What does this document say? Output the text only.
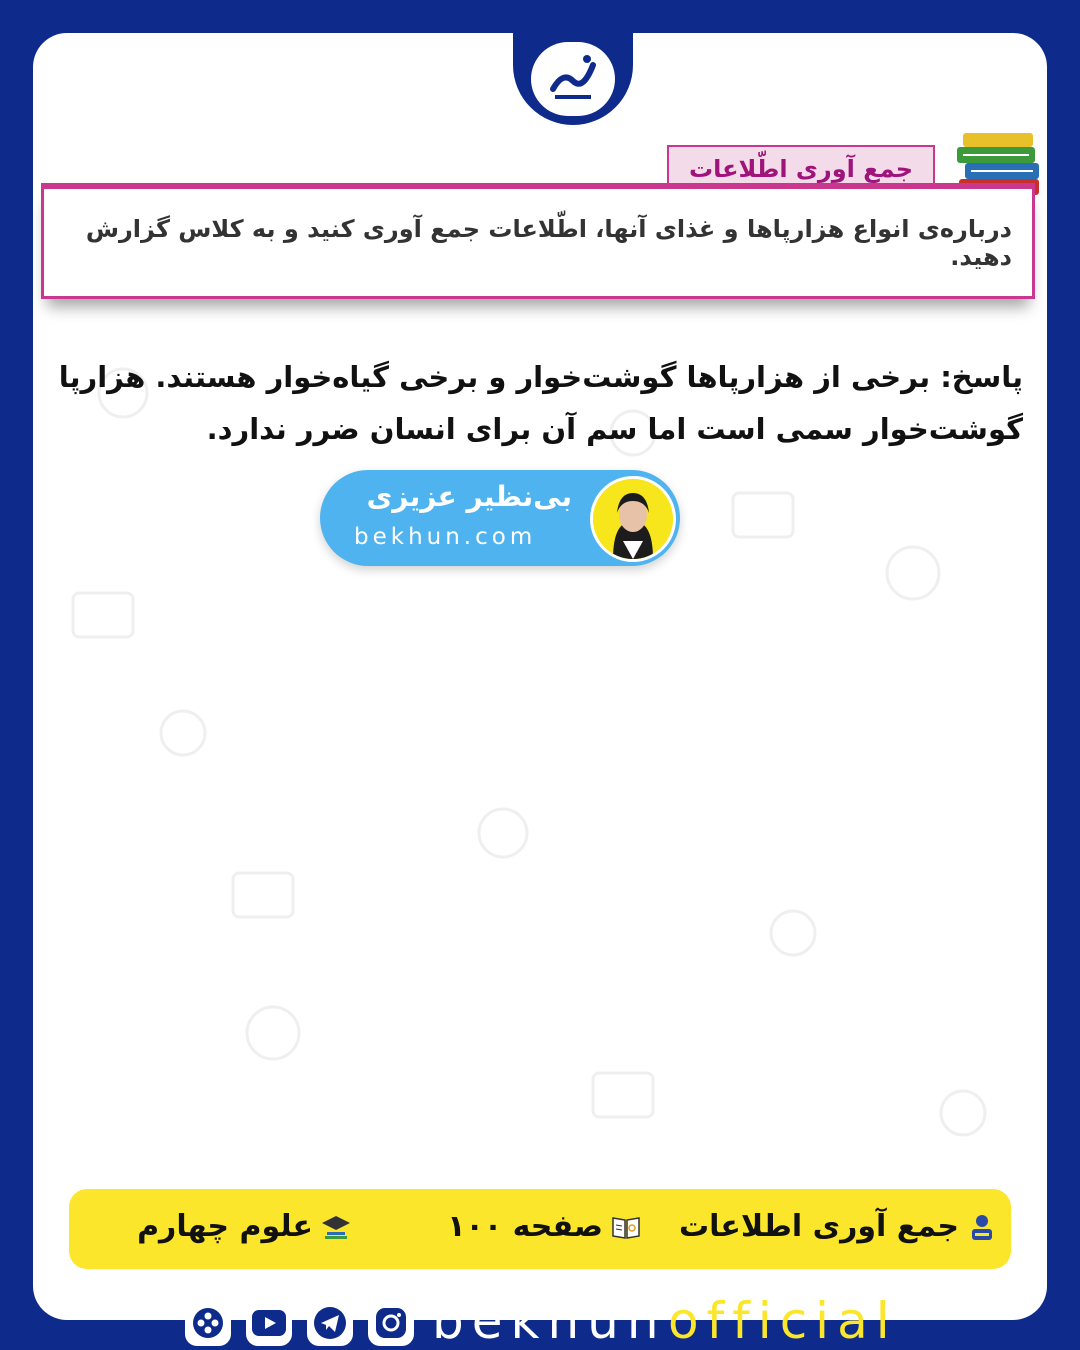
جمع آوری اطّلاعات
درباره‌ی انواع هزارپاها و غذای آنها، اطّلاعات جمع آوری کنید و به کلاس گزارش دهید.
پاسخ: برخی از هزارپاها گوشت‌خوار و برخی گیاه‌خوار هستند. هزارپا گوشت‌خوار سمی است اما سم آن برای انسان ضرر ندارد.
بی‌نظیر عزیزی
bekhun.com
جمع آوری اطلاعات
صفحه ۱۰۰
علوم چهارم
bekhun official
